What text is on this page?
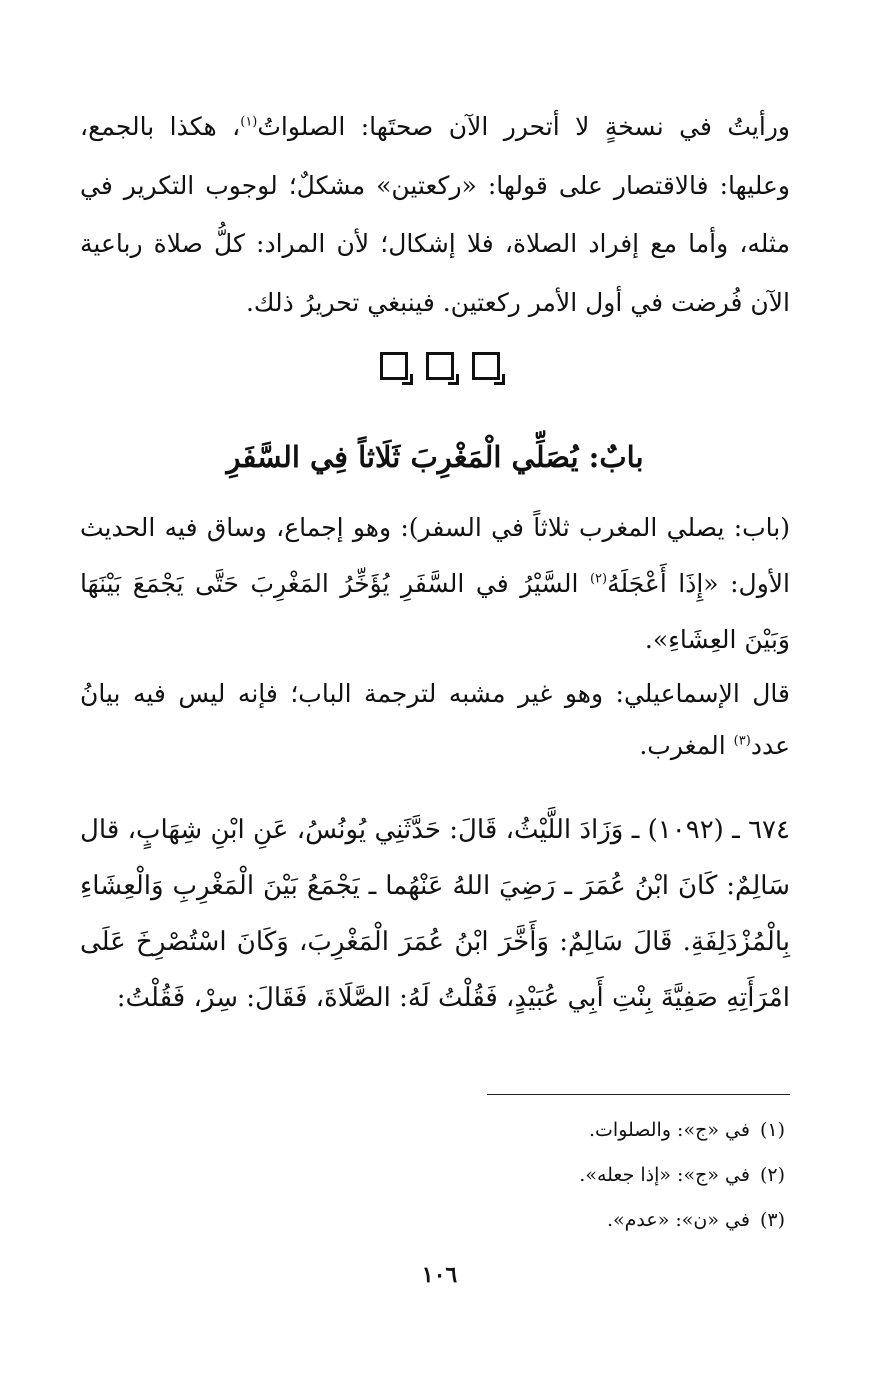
ورأيتُ في نسخةٍ لا أتحرر الآن صحتَها: الصلواتُ$^{(١)}$، هكذا بالجمع، وعليها: فالاقتصار على قولها: «ركعتين» مشكلٌ؛ لوجوب التكرير في مثله، وأما مع إفراد الصلاة، فلا إشكال؛ لأن المراد: كلُّ صلاة رباعية الآن فُرضت في أول الأمر ركعتين. فينبغي تحريرُ ذلك.

بابٌ: يُصَلِّي الْمَغْرِبَ ثَلَاثاً فِي السَّفَرِ

(باب: يصلي المغرب ثلاثاً في السفر): وهو إجماع، وساق فيه الحديث الأول: «إِذَا أَعْجَلَهُ$^{(٢)}$ السَّيْرُ في السَّفَرِ يُؤَخِّرُ المَغْرِبَ حَتَّى يَجْمَعَ بَيْنَهَا وَبَيْنَ العِشَاءِ».

قال الإسماعيلي: وهو غير مشبه لترجمة الباب؛ فإنه ليس فيه بيانُ عدد$^{(٣)}$ المغرب.

٦٧٤ ـ (١٠٩٢) ـ وَزَادَ اللَّيْثُ، قَالَ: حَدَّثَنِي يُونُسُ، عَنِ ابْنِ شِهَابٍ، قال سَالِمٌ: كَانَ ابْنُ عُمَرَ ـ رَضِيَ اللهُ عَنْهُما ـ يَجْمَعُ بَيْنَ الْمَغْرِبِ وَالْعِشَاءِ بِالْمُزْدَلِفَةِ. قَالَ سَالِمٌ: وَأَخَّرَ ابْنُ عُمَرَ الْمَغْرِبَ، وَكَانَ اسْتُصْرِخَ عَلَى امْرَأَتِهِ صَفِيَّةَ بِنْتِ أَبِي عُبَيْدٍ، فَقُلْتُ لَهُ: الصَّلَاةَ، فَقَالَ: سِرْ، فَقُلْتُ:

(١)في «ج»: والصلوات.
(٢)في «ج»: «إذا جعله».
(٣)في «ن»: «عدم».
١٠٦
